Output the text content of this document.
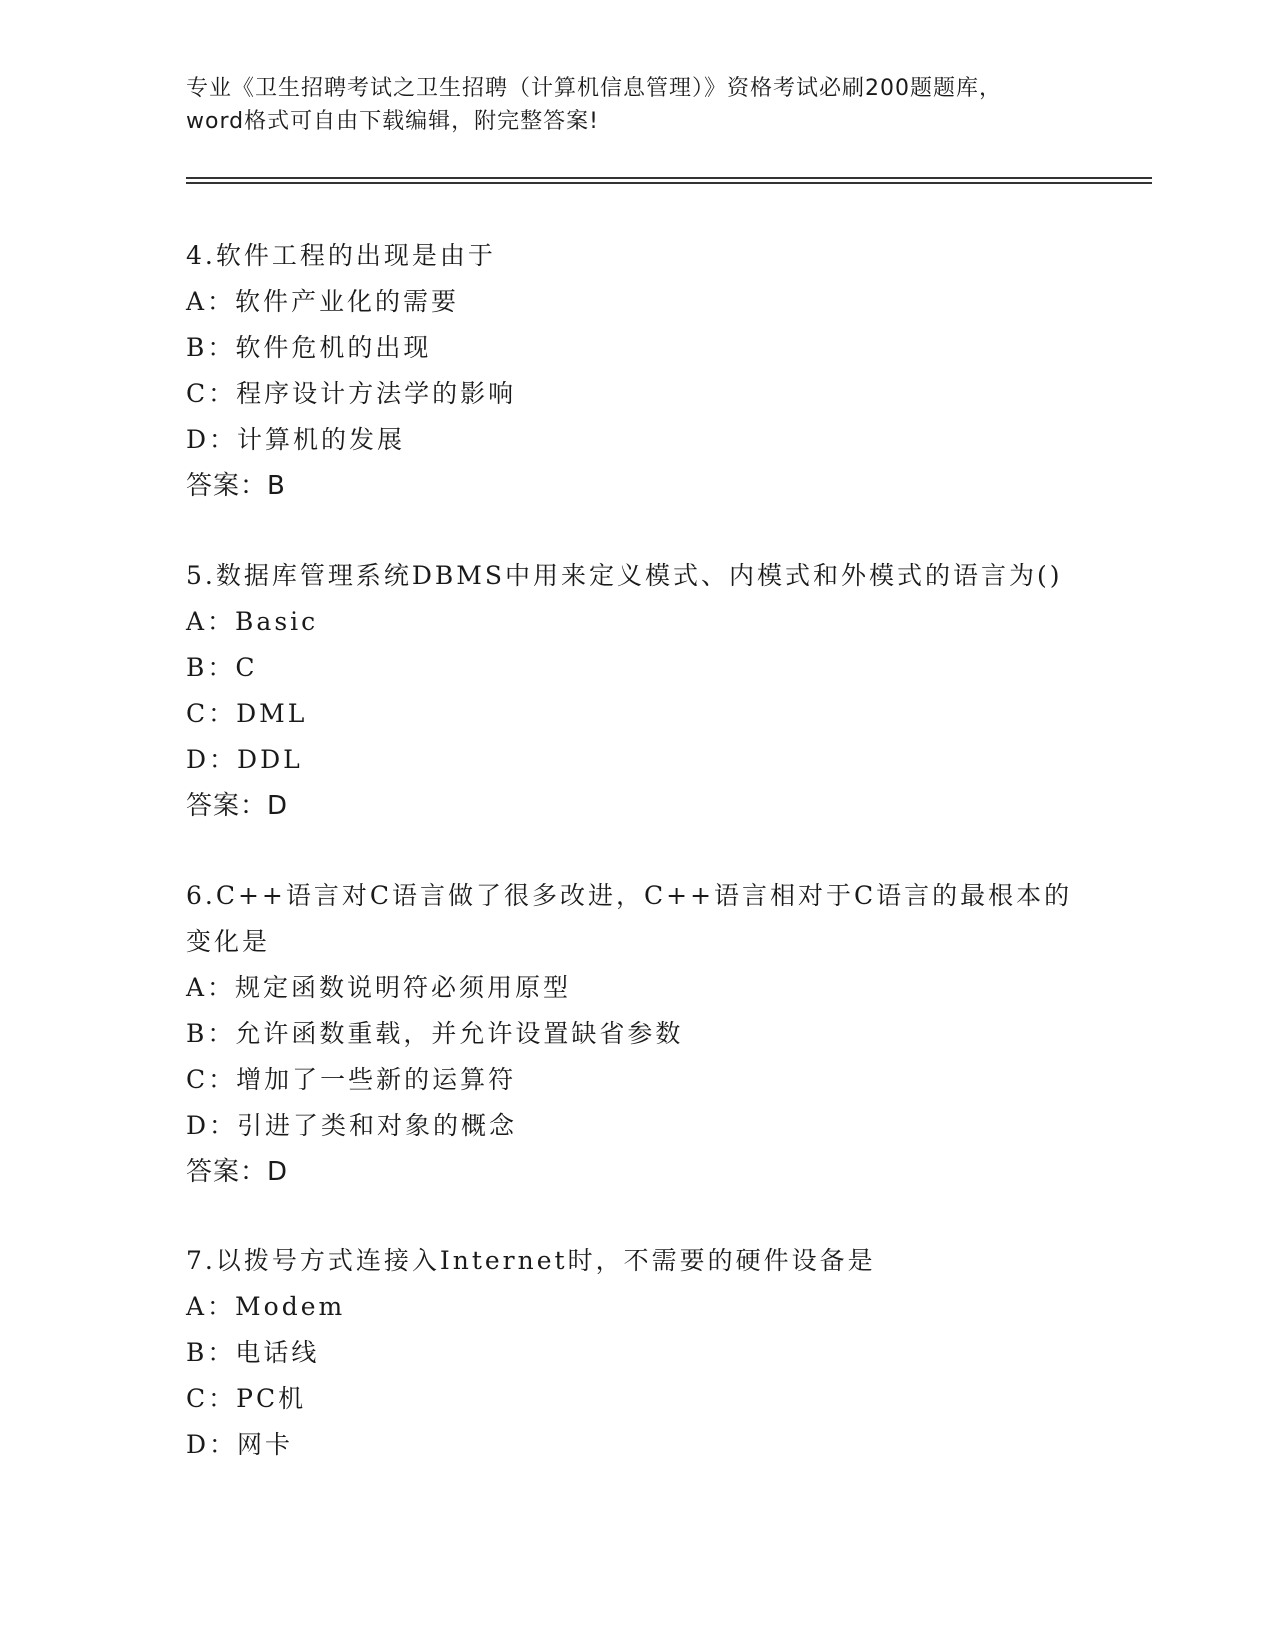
专业《卫生招聘考试之卫生招聘（计算机信息管理）》资格考试必刷200题题库，
word格式可自由下载编辑，附完整答案!
4.软件工程的出现是由于
A：软件产业化的需要
B：软件危机的出现
C：程序设计方法学的影响
D：计算机的发展
答案：B
5.数据库管理系统DBMS中用来定义模式、内模式和外模式的语言为()
A：Basic
B：C
C：DML
D：DDL
答案：D
6.C++语言对C语言做了很多改进，C++语言相对于C语言的最根本的
变化是
A：规定函数说明符必须用原型
B：允许函数重载，并允许设置缺省参数
C：增加了一些新的运算符
D：引进了类和对象的概念
答案：D
7.以拨号方式连接入Internet时，不需要的硬件设备是
A：Modem
B：电话线
C：PC机
D：网卡
